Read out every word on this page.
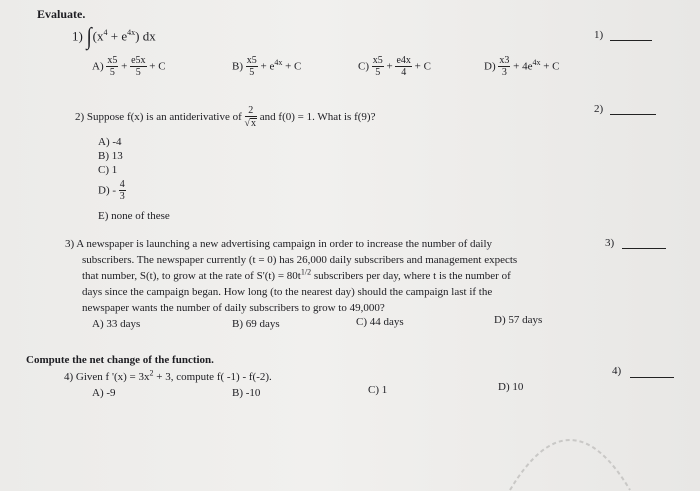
Evaluate.
1) $\int(x^4 + e^{4x})$ dx	1)
$A) \frac{x5}{5} + \frac{e5x}{5} + C$	$B) \frac{x5}{5} + e^{4x} + C$	$C) \frac{x5}{5} + \frac{e4x}{4} + C$	$D) \frac{x3}{3} + 4e^{4x} + C$
2) Suppose f(x) is an antiderivative of $\frac{2}{√x}$ and f(0) = 1. What is f(9)?
2)
A) -4
B) 13
C) 1
$D) - \frac{4}{3}$
E) none of these
3) A newspaper is launching a new advertising campaign in order to increase the number of daily
subscribers. The newspaper currently (t = 0) has 26,000 daily subscribers and management expects
that number, S(t), to grow at the rate of $S'(t) = 80t^{1/2}$ subscribers per day, where t is the number of
days since the campaign began. How long (to the nearest day) should the campaign last if the
newspaper wants the number of daily subscribers to grow to 49,000?
3)
A) 33 days	B) 69 days	C) 44 days	D) 57 days
Compute the net change of the function.
4) Given f '$(x) = 3x^2 + 3$, compute f( -1) - f(-2).	4)
A) -9	B) -10	C) 1	D) 10
